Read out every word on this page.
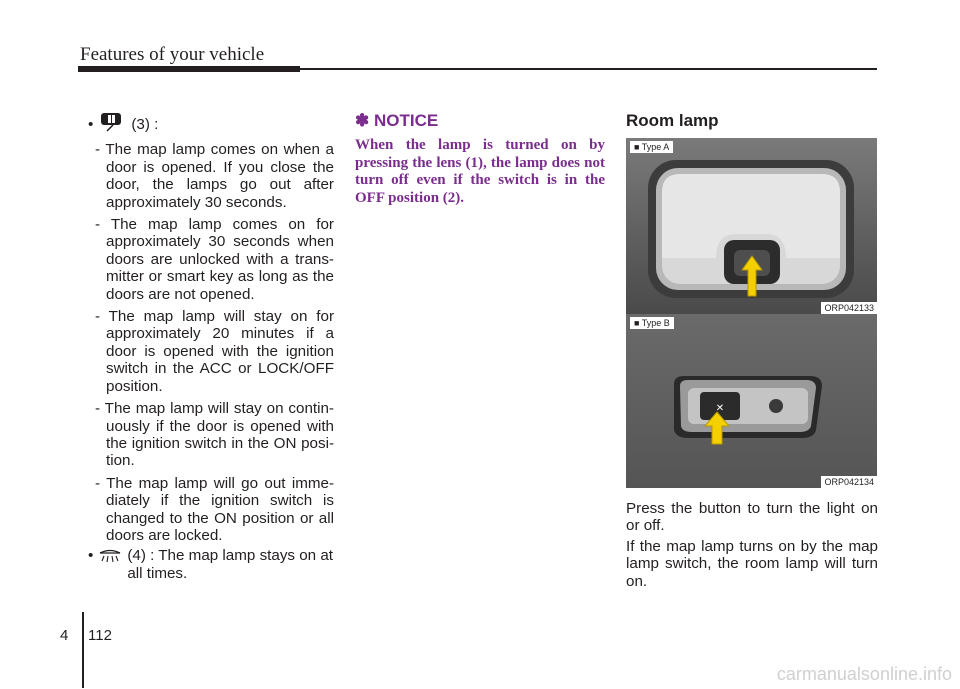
Features of your vehicle
•	(3) :
- The map lamp comes on when a door is opened. If you close the door, the lamps go out after approximately 30 seconds.
- The map lamp comes on for approximately 30 seconds when doors are unlocked with a trans-mitter or smart key as long as the doors are not opened.
- The map lamp will stay on for approximately 20 minutes if a door is opened with the ignition switch in the ACC or LOCK/OFF position.
- The map lamp will stay on contin-uously if the door is opened with the ignition switch in the ON posi-tion.
- The map lamp will go out imme-diately if the ignition switch is changed to the ON position or all doors are locked.
• (4) : The map lamp stays on at all times.
✽ NOTICE
When the lamp is turned on by pressing the lens (1), the lamp does not turn off even if the switch is in the OFF position (2).
Room lamp
■ Type A
ORP042133
✕
■ Type B
ORP042134
Press the button to turn the light on or off.
If the map lamp turns on by the map lamp switch, the room lamp will turn on.
4 112
carmanualsonline.info
